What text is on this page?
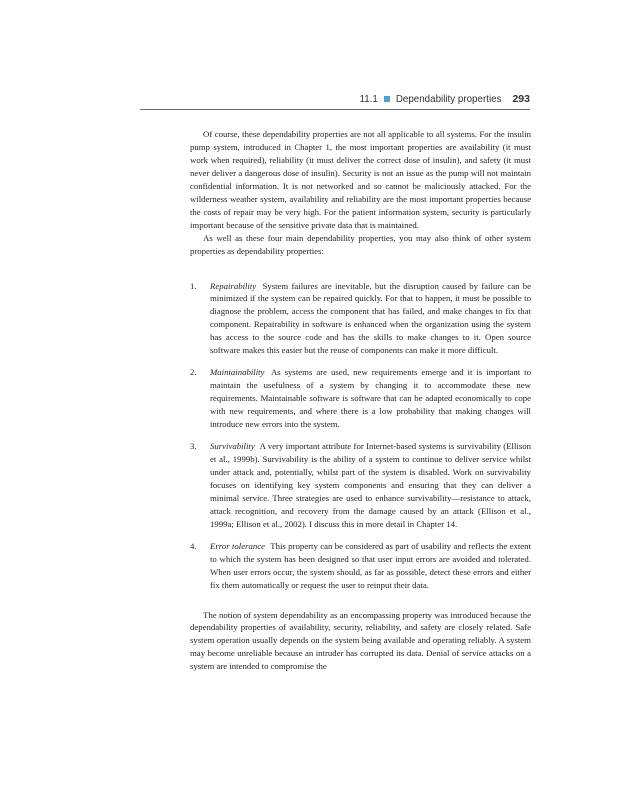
11.1 Dependability properties 293

Of course, these dependability properties are not all applicable to all systems. For the insulin pump system, introduced in Chapter 1, the most important properties are availability (it must work when required), reliability (it must deliver the correct dose of insulin), and safety (it must never deliver a dangerous dose of insulin). Security is not an issue as the pump will not maintain confidential information. It is not networked and so cannot be maliciously attacked. For the wilderness weather system, availability and reliability are the most important properties because the costs of repair may be very high. For the patient information system, security is particularly important because of the sensitive private data that is maintained.

As well as these four main dependability properties, you may also think of other system properties as dependability properties:

1. Repairability System failures are inevitable, but the disruption caused by failure can be minimized if the system can be repaired quickly. For that to happen, it must be possible to diagnose the problem, access the component that has failed, and make changes to fix that component. Repairability in software is enhanced when the organization using the system has access to the source code and has the skills to make changes to it. Open source software makes this easier but the reuse of components can make it more difficult.
2. Maintainability As systems are used, new requirements emerge and it is important to maintain the usefulness of a system by changing it to accommodate these new requirements. Maintainable software is software that can be adapted economically to cope with new requirements, and where there is a low probability that making changes will introduce new errors into the system.
3. Survivability A very important attribute for Internet-based systems is survivability (Ellison et al., 1999b). Survivability is the ability of a system to continue to deliver service whilst under attack and, potentially, whilst part of the system is disabled. Work on survivability focuses on identifying key system components and ensuring that they can deliver a minimal service. Three strategies are used to enhance survivability—resistance to attack, attack recognition, and recovery from the damage caused by an attack (Ellison et al., 1999a; Ellison et al., 2002). I discuss this in more detail in Chapter 14.
4. Error tolerance This property can be considered as part of usability and reflects the extent to which the system has been designed so that user input errors are avoided and tolerated. When user errors occur, the system should, as far as possible, detect these errors and either fix them automatically or request the user to reinput their data.

The notion of system dependability as an encompassing property was introduced because the dependability properties of availability, security, reliability, and safety are closely related. Safe system operation usually depends on the system being available and operating reliably. A system may become unreliable because an intruder has corrupted its data. Denial of service attacks on a system are intended to compromise the
